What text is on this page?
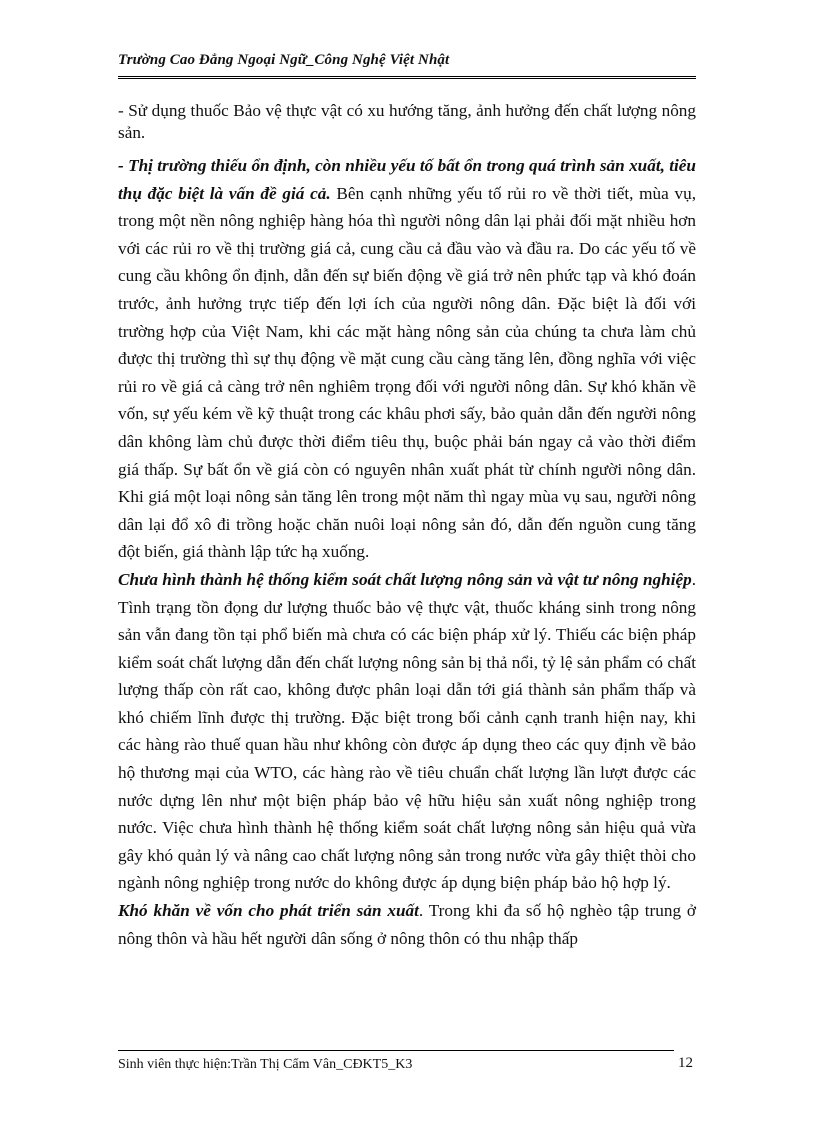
Trường Cao Đẳng Ngoại Ngữ_Công Nghệ Việt Nhật

- Sử dụng thuốc Bảo vệ thực vật có xu hướng tăng, ảnh hưởng đến chất lượng nông sản.

- Thị trường thiếu ổn định, còn nhiều yếu tố bất ổn trong quá trình sản xuất, tiêu thụ đặc biệt là vấn đề giá cả. Bên cạnh những yếu tố rủi ro về thời tiết, mùa vụ, trong một nền nông nghiệp hàng hóa thì người nông dân lại phải đối mặt nhiều hơn với các rủi ro về thị trường giá cả, cung cầu cả đầu vào và đầu ra. Do các yếu tố về cung cầu không ổn định, dẫn đến sự biến động về giá trở nên phức tạp và khó đoán trước, ảnh hưởng trực tiếp đến lợi ích của người nông dân. Đặc biệt là đối với trường hợp của Việt Nam, khi các mặt hàng nông sản của chúng ta chưa làm chủ được thị trường thì sự thụ động về mặt cung cầu càng tăng lên, đồng nghĩa với việc rủi ro về giá cả càng trở nên nghiêm trọng đối với người nông dân. Sự khó khăn về vốn, sự yếu kém về kỹ thuật trong các khâu phơi sấy, bảo quản dẫn đến người nông dân không làm chủ được thời điểm tiêu thụ, buộc phải bán ngay cả vào thời điểm giá thấp. Sự bất ổn về giá còn có nguyên nhân xuất phát từ chính người nông dân. Khi giá một loại nông sản tăng lên trong một năm thì ngay mùa vụ sau, người nông dân lại đổ xô đi trồng hoặc chăn nuôi loại nông sản đó, dẫn đến nguồn cung tăng đột biến, giá thành lập tức hạ xuống.

Chưa hình thành hệ thống kiểm soát chất lượng nông sản và vật tư nông nghiệp. Tình trạng tồn đọng dư lượng thuốc bảo vệ thực vật, thuốc kháng sinh trong nông sản vẫn đang tồn tại phổ biến mà chưa có các biện pháp xử lý. Thiếu các biện pháp kiểm soát chất lượng dẫn đến chất lượng nông sản bị thả nổi, tỷ lệ sản phẩm có chất lượng thấp còn rất cao, không được phân loại dẫn tới giá thành sản phẩm thấp và khó chiếm lĩnh được thị trường. Đặc biệt trong bối cảnh cạnh tranh hiện nay, khi các hàng rào thuế quan hầu như không còn được áp dụng theo các quy định về bảo hộ thương mại của WTO, các hàng rào về tiêu chuẩn chất lượng lần lượt được các nước dựng lên như một biện pháp bảo vệ hữu hiệu sản xuất nông nghiệp trong nước. Việc chưa hình thành hệ thống kiểm soát chất lượng nông sản hiệu quả vừa gây khó quản lý và nâng cao chất lượng nông sản trong nước vừa gây thiệt thòi cho ngành nông nghiệp trong nước do không được áp dụng biện pháp bảo hộ hợp lý.

Khó khăn về vốn cho phát triển sản xuất. Trong khi đa số hộ nghèo tập trung ở nông thôn và hầu hết người dân sống ở nông thôn có thu nhập thấp

Sinh viên thực hiện:Trần Thị Cẩm Vân_CĐKT5_K3	12
